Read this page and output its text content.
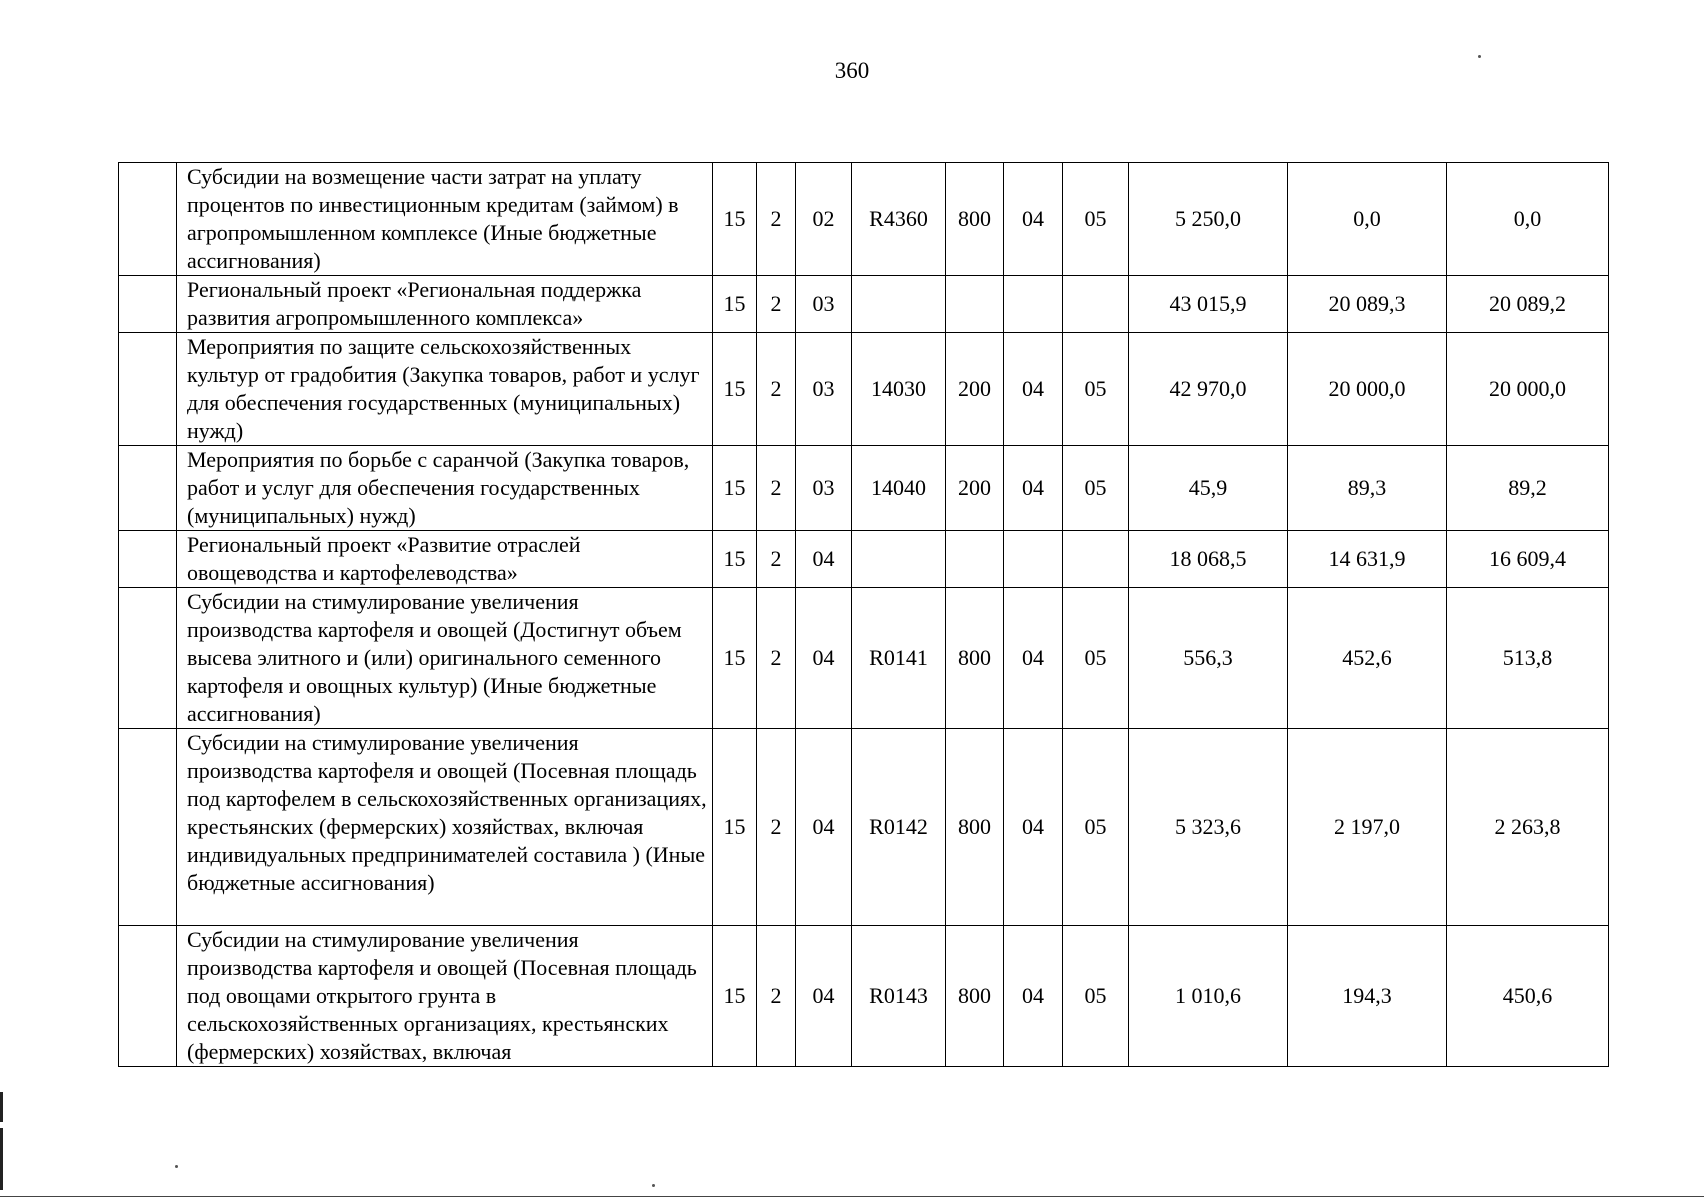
360
	Субсидии на возмещение части затрат на уплату процентов по инвестиционным кредитам (займом) в агропромышленном комплексе (Иные бюджетные ассигнования)	15	2	02	R4360	800	04	05	5 250,0	0,0	0,0
	Региональный проект «Региональная поддержка развития агропромышленного комплекса»	15	2	03					43 015,9	20 089,3	20 089,2
	Мероприятия по защите сельскохозяйственных культур от градобития (Закупка товаров, работ и услуг для обеспечения государственных (муниципальных) нужд)	15	2	03	14030	200	04	05	42 970,0	20 000,0	20 000,0
	Мероприятия по борьбе с саранчой (Закупка товаров, работ и услуг для обеспечения государственных (муниципальных) нужд)	15	2	03	14040	200	04	05	45,9	89,3	89,2
	Региональный проект «Развитие отраслей овощеводства и картофелеводства»	15	2	04					18 068,5	14 631,9	16 609,4
	Субсидии на стимулирование увеличения производства картофеля и овощей (Достигнут объем высева элитного и (или) оригинального семенного картофеля и овощных культур) (Иные бюджетные ассигнования)	15	2	04	R0141	800	04	05	556,3	452,6	513,8
	Субсидии на стимулирование увеличения производства картофеля и овощей (Посевная площадь под картофелем в сельскохозяйственных организациях, крестьянских (фермерских) хозяйствах, включая индивидуальных предпринимателей составила ) (Иные бюджетные ассигнования)	15	2	04	R0142	800	04	05	5 323,6	2 197,0	2 263,8
	Субсидии на стимулирование увеличения производства картофеля и овощей (Посевная площадь под овощами открытого грунта в сельскохозяйственных организациях, крестьянских (фермерских) хозяйствах, включая	15	2	04	R0143	800	04	05	1 010,6	194,3	450,6
